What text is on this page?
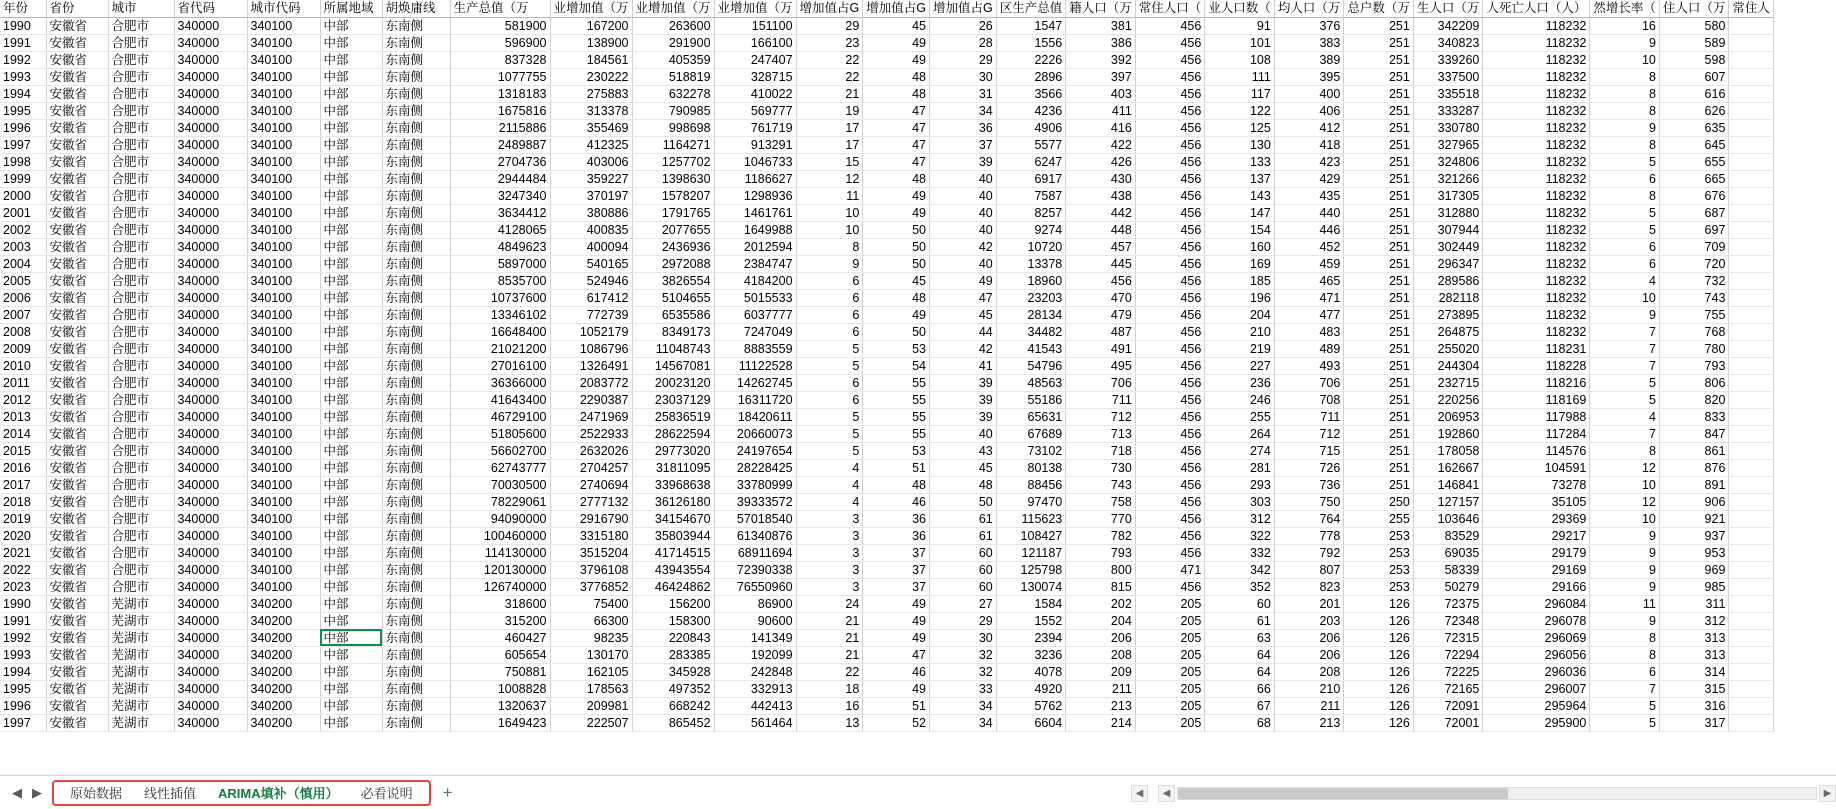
年份	省份	城市	省代码	城市代码	所属地域	胡焕庸线	生产总值（万	业增加值（万	业增加值（万	业增加值（万	增加值占G	增加值占G	增加值占G	区生产总值	籍人口（万	常住人口（	业人口数（	均人口（万	总户数（万	生人口（万	人死亡人口（人）	然增长率（	住人口（万	常住人
1990	安徽省	合肥市	340000	340100	中部	东南侧	581900	167200	263600	151100	29	45	26	1547	381	456	91	376	251	342209	118232	16	580	
1991	安徽省	合肥市	340000	340100	中部	东南侧	596900	138900	291900	166100	23	49	28	1556	386	456	101	383	251	340823	118232	9	589	
1992	安徽省	合肥市	340000	340100	中部	东南侧	837328	184561	405359	247407	22	49	29	2226	392	456	108	389	251	339260	118232	10	598	
1993	安徽省	合肥市	340000	340100	中部	东南侧	1077755	230222	518819	328715	22	48	30	2896	397	456	111	395	251	337500	118232	8	607	
1994	安徽省	合肥市	340000	340100	中部	东南侧	1318183	275883	632278	410022	21	48	31	3566	403	456	117	400	251	335518	118232	8	616	
1995	安徽省	合肥市	340000	340100	中部	东南侧	1675816	313378	790985	569777	19	47	34	4236	411	456	122	406	251	333287	118232	8	626	
1996	安徽省	合肥市	340000	340100	中部	东南侧	2115886	355469	998698	761719	17	47	36	4906	416	456	125	412	251	330780	118232	9	635	
1997	安徽省	合肥市	340000	340100	中部	东南侧	2489887	412325	1164271	913291	17	47	37	5577	422	456	130	418	251	327965	118232	8	645	
1998	安徽省	合肥市	340000	340100	中部	东南侧	2704736	403006	1257702	1046733	15	47	39	6247	426	456	133	423	251	324806	118232	5	655	
1999	安徽省	合肥市	340000	340100	中部	东南侧	2944484	359227	1398630	1186627	12	48	40	6917	430	456	137	429	251	321266	118232	6	665	
2000	安徽省	合肥市	340000	340100	中部	东南侧	3247340	370197	1578207	1298936	11	49	40	7587	438	456	143	435	251	317305	118232	8	676	
2001	安徽省	合肥市	340000	340100	中部	东南侧	3634412	380886	1791765	1461761	10	49	40	8257	442	456	147	440	251	312880	118232	5	687	
2002	安徽省	合肥市	340000	340100	中部	东南侧	4128065	400835	2077655	1649988	10	50	40	9274	448	456	154	446	251	307944	118232	5	697	
2003	安徽省	合肥市	340000	340100	中部	东南侧	4849623	400094	2436936	2012594	8	50	42	10720	457	456	160	452	251	302449	118232	6	709	
2004	安徽省	合肥市	340000	340100	中部	东南侧	5897000	540165	2972088	2384747	9	50	40	13378	445	456	169	459	251	296347	118232	6	720	
2005	安徽省	合肥市	340000	340100	中部	东南侧	8535700	524946	3826554	4184200	6	45	49	18960	456	456	185	465	251	289586	118232	4	732	
2006	安徽省	合肥市	340000	340100	中部	东南侧	10737600	617412	5104655	5015533	6	48	47	23203	470	456	196	471	251	282118	118232	10	743	
2007	安徽省	合肥市	340000	340100	中部	东南侧	13346102	772739	6535586	6037777	6	49	45	28134	479	456	204	477	251	273895	118232	9	755	
2008	安徽省	合肥市	340000	340100	中部	东南侧	16648400	1052179	8349173	7247049	6	50	44	34482	487	456	210	483	251	264875	118232	7	768	
2009	安徽省	合肥市	340000	340100	中部	东南侧	21021200	1086796	11048743	8883559	5	53	42	41543	491	456	219	489	251	255020	118231	7	780	
2010	安徽省	合肥市	340000	340100	中部	东南侧	27016100	1326491	14567081	11122528	5	54	41	54796	495	456	227	493	251	244304	118228	7	793	
2011	安徽省	合肥市	340000	340100	中部	东南侧	36366000	2083772	20023120	14262745	6	55	39	48563	706	456	236	706	251	232715	118216	5	806	
2012	安徽省	合肥市	340000	340100	中部	东南侧	41643400	2290387	23037129	16311720	6	55	39	55186	711	456	246	708	251	220256	118169	5	820	
2013	安徽省	合肥市	340000	340100	中部	东南侧	46729100	2471969	25836519	18420611	5	55	39	65631	712	456	255	711	251	206953	117988	4	833	
2014	安徽省	合肥市	340000	340100	中部	东南侧	51805600	2522933	28622594	20660073	5	55	40	67689	713	456	264	712	251	192860	117284	7	847	
2015	安徽省	合肥市	340000	340100	中部	东南侧	56602700	2632026	29773020	24197654	5	53	43	73102	718	456	274	715	251	178058	114576	8	861	
2016	安徽省	合肥市	340000	340100	中部	东南侧	62743777	2704257	31811095	28228425	4	51	45	80138	730	456	281	726	251	162667	104591	12	876	
2017	安徽省	合肥市	340000	340100	中部	东南侧	70030500	2740694	33968638	33780999	4	48	48	88456	743	456	293	736	251	146841	73278	10	891	
2018	安徽省	合肥市	340000	340100	中部	东南侧	78229061	2777132	36126180	39333572	4	46	50	97470	758	456	303	750	250	127157	35105	12	906	
2019	安徽省	合肥市	340000	340100	中部	东南侧	94090000	2916790	34154670	57018540	3	36	61	115623	770	456	312	764	255	103646	29369	10	921	
2020	安徽省	合肥市	340000	340100	中部	东南侧	100460000	3315180	35803944	61340876	3	36	61	108427	782	456	322	778	253	83529	29217	9	937	
2021	安徽省	合肥市	340000	340100	中部	东南侧	114130000	3515204	41714515	68911694	3	37	60	121187	793	456	332	792	253	69035	29179	9	953	
2022	安徽省	合肥市	340000	340100	中部	东南侧	120130000	3796108	43943554	72390338	3	37	60	125798	800	471	342	807	253	58339	29169	9	969	
2023	安徽省	合肥市	340000	340100	中部	东南侧	126740000	3776852	46424862	76550960	3	37	60	130074	815	456	352	823	253	50279	29166	9	985	
1990	安徽省	芜湖市	340000	340200	中部	东南侧	318600	75400	156200	86900	24	49	27	1584	202	205	60	201	126	72375	296084	11	311	
1991	安徽省	芜湖市	340000	340200	中部	东南侧	315200	66300	158300	90600	21	49	29	1552	204	205	61	203	126	72348	296078	9	312	
1992	安徽省	芜湖市	340000	340200	中部	东南侧	460427	98235	220843	141349	21	49	30	2394	206	205	63	206	126	72315	296069	8	313	
1993	安徽省	芜湖市	340000	340200	中部	东南侧	605654	130170	283385	192099	21	47	32	3236	208	205	64	206	126	72294	296056	8	313	
1994	安徽省	芜湖市	340000	340200	中部	东南侧	750881	162105	345928	242848	22	46	32	4078	209	205	64	208	126	72225	296036	6	314	
1995	安徽省	芜湖市	340000	340200	中部	东南侧	1008828	178563	497352	332913	18	49	33	4920	211	205	66	210	126	72165	296007	7	315	
1996	安徽省	芜湖市	340000	340200	中部	东南侧	1320637	209981	668242	442413	16	51	34	5762	213	205	67	211	126	72091	295964	5	316	
1997	安徽省	芜湖市	340000	340200	中部	东南侧	1649423	222507	865452	561464	13	52	34	6604	214	205	68	213	126	72001	295900	5	317	
◀ ▶	原始数据	线性插值	ARIMA填补（慎用）	必看说明	+	◀	◀	▶
